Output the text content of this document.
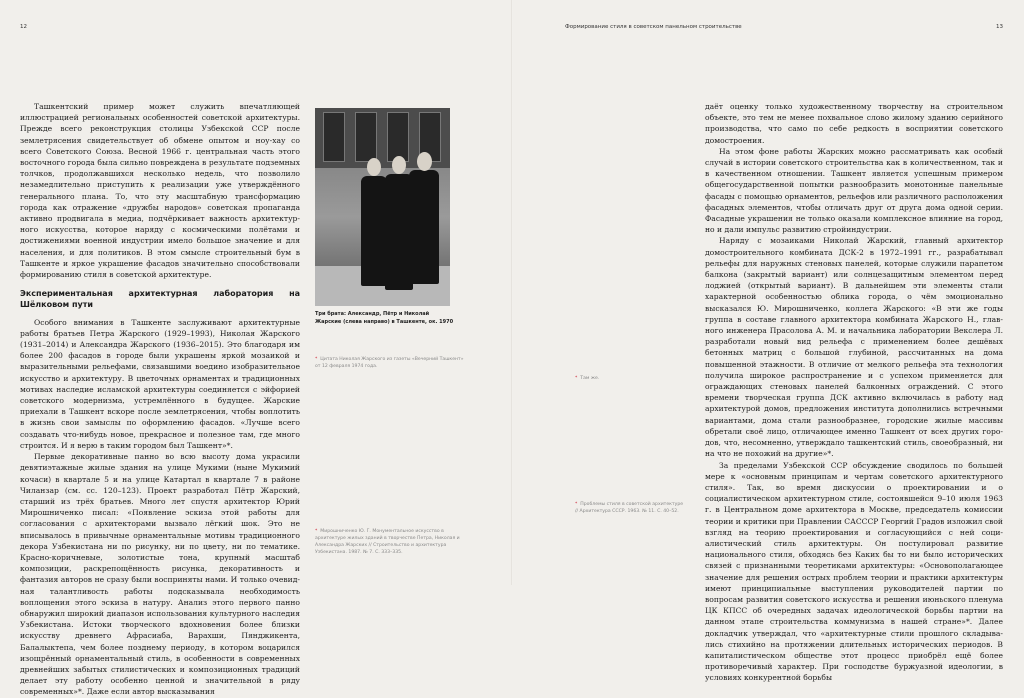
12	Формирование стиля в советском панельном строительстве	13

Ташкентский пример может служить впечатляющей иллюстрацией региональных особенностей советской архитектуры. Прежде всего реконструкция столицы Узбекской ССР после землетрясения свидетельствует об обмене опытом и ноу-хау со всего Советского Союза. Весной 1966 г. центральная часть этого восточного города была сильно повреждена в результате подземных толчков, продолжавшихся несколько недель, что позволило незамедлительно приступить к реализации уже утверждённого генерального плана. То, что эту масштабную трансформацию города как отражение «дружбы народов» советская пропаганда активно продвигала в медиа, подчёркивает важность архитектурного искусства, которое наряду с космическими полётами и достижениями военной индустрии имело большое значение и для населения, и для политиков. В этом смысле строительный бум в Ташкенте и яркое украшение фасадов значительно способствовали формированию стиля в советской архитектуре.

Экспериментальная архитектурная лаборатория на Шёлковом пути

Особого внимания в Ташкенте заслуживают архитектурные работы братьев Петра Жарского (1929–1993), Николая Жарского (1931–2014) и Александра Жарского (1936–2015). Это благодаря им более 200 фасадов в городе были украшены яркой мозаикой и выразительными рельефами, связавшими воедино изобразительное искусство и архитектуру. В цветочных орнаментах и традиционных мотивах наследие исламской архитектуры соединяется с эйфорией советского модернизма, устремлённого в будущее. Жарские приехали в Ташкент вскоре после землетрясения, чтобы воплотить в жизнь свои замыслы по оформлению фасадов. «Лучше всего создавать что-нибудь новое, прекрасное и полезное там, где много строится. И я верю в таким городом был Ташкент»*.

Первые декоративные панно во всю высоту дома украсили девятиэтажные жилые здания на улице Мукими (ныне Мукимий кочаси) в квартале 5 и на улице Катартал в квартале 7 в районе Чиланзар (см. сс. 120–123). Проект разработал Пётр Жарский, старший из трёх братьев. Много лет спустя архитектор Юрий Мирошниченко писал: «Появление эскиза этой работы для согласования с архитекторами вызвало лёгкий шок. Это не вписывалось в привычные орнаментальные мотивы традиционного декора Узбекистана ни по рисунку, ни по цвету, ни по тематике. Красно-коричневые, золотистые тона, крупный масштаб композиции, раскрепощённость рисунка, декоративность и фантазия авторов не сразу были восприняты нами. И только очевидная талантливость работы подсказывала необходимость воплощения этого эскиза в натуру. Анализ этого первого панно обнаружил широкий диапазон использования культурного наследия Узбекистана. Истоки творческого вдохновения более близки искусству древнего Афрасиаба, Варахши, Пянджикента, Балалыктепа, чем более позднему периоду, в котором воцарился изощрённый орнаментальный стиль, в особенности в современных древнейших забытых стилистических и композиционных традиций делает эту работу особенно ценной и значительной в ряду современных»*. Даже если автор высказывания

Три брата: Александр, Пётр и Николай Жарские (слева направо) в Ташкенте, ок. 1970
* Цитата Николая Жарского из газеты «Вечерний Ташкент» от 12 февраля 1974 года.
* Там же.
* Проблемы стиля в советской архитектуре // Архитектура СССР. 1963. № 11. С. 40–52.
* Мирошниченко Ю. Г. Монументальное искусство в архитектуре жилых зданий в творчестве Петра, Николая и Александра Жарских // Строительство и архитектура Узбекистана. 1987. № 7. С. 333–335.

даёт оценку только художественному творчеству на строительном объекте, это тем не менее похвальное слово жилому зданию серийного производства, что само по себе редкость в восприятии советского домостроения.

На этом фоне работы Жарских можно рассматривать как особый случай в истории советского строительства как в количественном, так и в качественном отношении. Ташкент является успешным примером общегосударственной попытки разнообразить монотонные панельные фасады с помощью орнаментов, рельефов или различного расположения фасадных элементов, чтобы отличать друг от друга дома одной серии. Фасадные украшения не только оказали комплексное влияние на город, но и дали импульс развитию стройиндустрии.

Наряду с мозаиками Николай Жарский, главный архитектор домостроительного комбината ДСК-2 в 1972–1991 гг., разрабатывал рельефы для наружных стеновых панелей, которые служили парапетом балкона (закрытый вариант) или солнцезащитным элементом перед лоджией (открытый вариант). В дальнейшем эти элементы стали характерной особенностью облика города, о чём эмоционально высказался Ю. Мирошниченко, коллега Жарского: «В эти же годы группа в составе главного архитектора комбината Жарского Н., главного инженера Прасолова А. М. и начальника лаборатории Векслера Л. разработали новый вид рельефа с применением более дешёвых бетонных матриц с большой глубиной, рассчитанных на дома повышенной этажности. В отличие от мелкого рельефа эта технология получила широкое распространение и с успехом применяется для ограждающих стеновых панелей балконных ограждений. С этого времени творческая группа ДСК активно включилась в работу над архитектурой домов, предложения института дополнились встречными вариантами, дома стали разнообразнее, городские жилые массивы обретали своё лицо, отличающее именно Ташкент от всех других городов, что, несомненно, утверждало ташкентский стиль, своеобразный, ни на что не похожий на другие»*.

За пределами Узбекской ССР обсуждение сводилось по большей мере к «основным принципам и чертам советского архитектурного стиля». Так, во время дискуссии о проектировании и о социалистическом архитектурном стиле, состоявшейся 9–10 июля 1963 г. в Центральном доме архитектора в Москве, председатель комиссии теории и критики при Правлении САСССР Георгий Градов изложил свой взгляд на теорию проектирования и согласующийся с ней социалистический стиль архитектуры. Он постулировал развитие национального стиля, обходясь без Каких бы то ни было исторических связей с признанными теоретиками архитектуры: «Основополагающее значение для решения острых проблем теории и практики архитектуры имеют принципиальные выступления руководителей партии по вопросам развития советского искусства и решения июньского пленума ЦК КПСС об очередных задачах идеологической борьбы партии на данном этапе строительства коммунизма в нашей стране»*. Далее докладчик утверждал, что «архитектурные стили прошлого складывались стихийно на протяжении длительных исторических периодов. В капиталистическом обществе этот процесс приобрёл ещё более противоречивый характер. При господстве буржуазной идеологии, в условиях конкурентной борьбы
